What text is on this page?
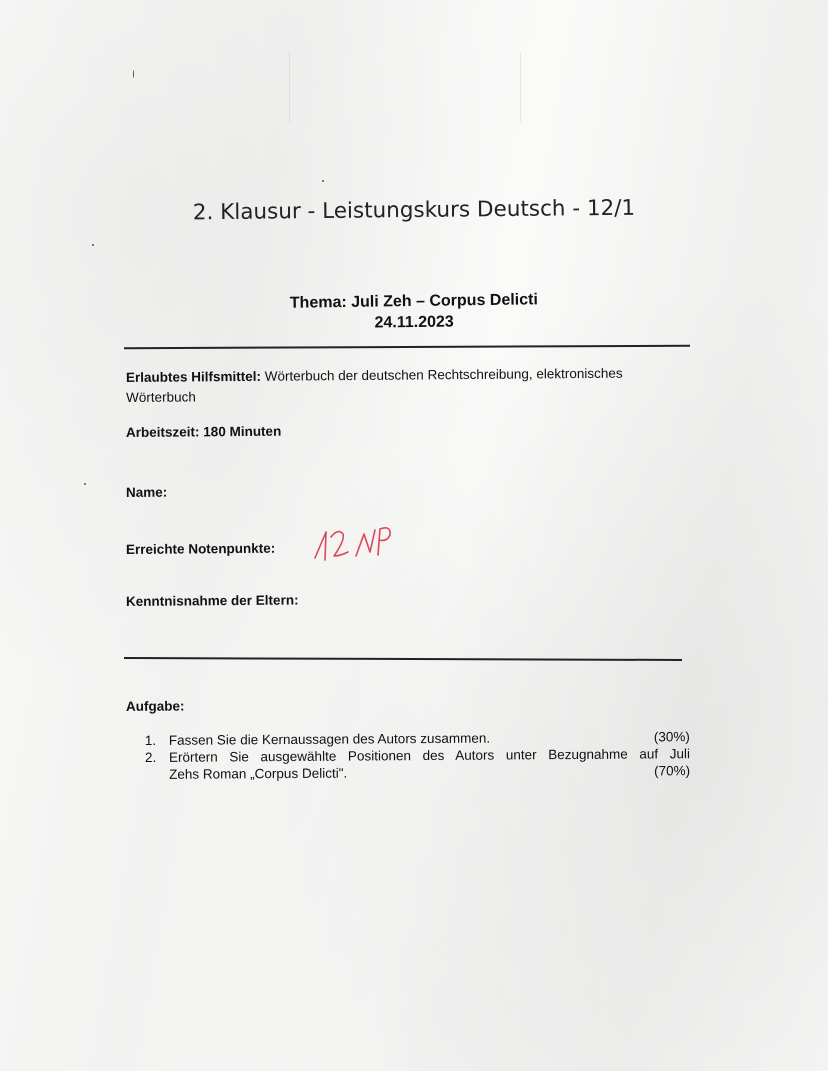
2. Klausur - Leistungskurs Deutsch - 12/1
Thema: Juli Zeh – Corpus Delicti
24.11.2023
Erlaubtes Hilfsmittel: Wörterbuch der deutschen Rechtschreibung, elektronisches Wörterbuch
Arbeitszeit: 180 Minuten
Name:
Erreichte Notenpunkte:
Kenntnisnahme der Eltern:
Aufgabe:
1. Fassen Sie die Kernaussagen des Autors zusammen.	(30%)
2. Erörtern Sie ausgewählte Positionen des Autors unter Bezugnahme auf Juli
Zehs Roman „Corpus Delicti".	(70%)
